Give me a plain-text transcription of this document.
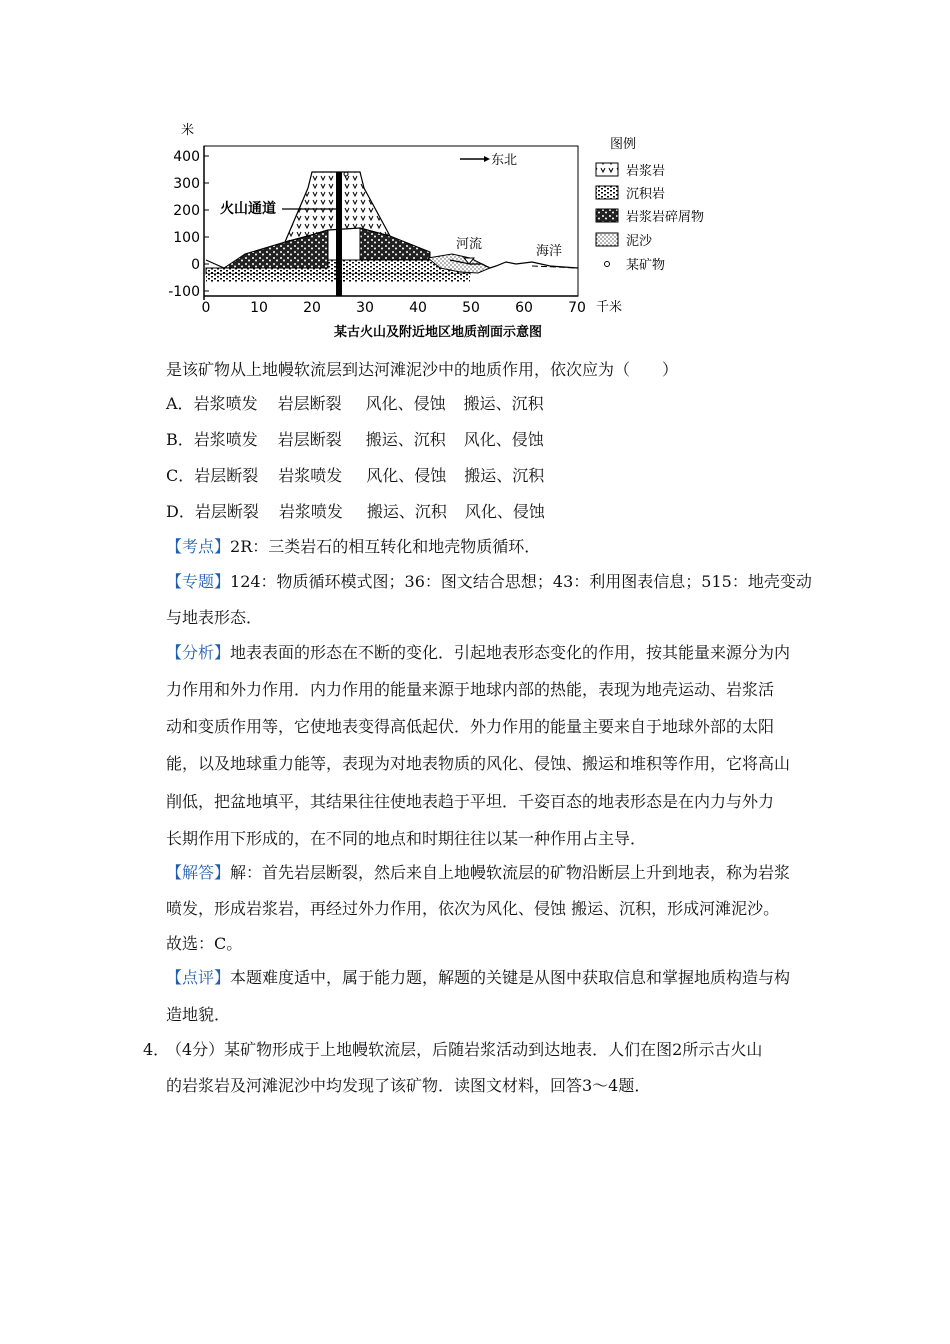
米
400
300
200
100
0
-100
0	10	20	30	40	50	60	70 千米
东北
火山通道
河流	海洋
某古火山及附近地区地质剖面示意图
图例
岩浆岩
沉积岩
岩浆岩碎屑物
泥沙
某矿物
是该矿物从上地幔软流层到达河滩泥沙中的地质作用，依次应为（　　）
A．岩浆喷发 岩层断裂 风化、侵蚀 搬运、沉积
B．岩浆喷发 岩层断裂 搬运、沉积 风化、侵蚀
C．岩层断裂 岩浆喷发 风化、侵蚀 搬运、沉积
D．岩层断裂 岩浆喷发 搬运、沉积 风化、侵蚀
【考点】2R：三类岩石的相互转化和地壳物质循环．
【专题】124：物质循环模式图；36：图文结合思想；43：利用图表信息；515：地壳变动
与地表形态．
【分析】地表表面的形态在不断的变化．引起地表形态变化的作用，按其能量来源分为内
力作用和外力作用．内力作用的能量来源于地球内部的热能，表现为地壳运动、岩浆活
动和变质作用等，它使地表变得高低起伏．外力作用的能量主要来自于地球外部的太阳
能，以及地球重力能等，表现为对地表物质的风化、侵蚀、搬运和堆积等作用，它将高山
削低，把盆地填平，其结果往往使地表趋于平坦．千姿百态的地表形态是在内力与外力
长期作用下形成的，在不同的地点和时期往往以某一种作用占主导．
【解答】解：首先岩层断裂，然后来自上地幔软流层的矿物沿断层上升到地表，称为岩浆
喷发，形成岩浆岩，再经过外力作用，依次为风化、侵蚀 搬运、沉积，形成河滩泥沙。
故选：C。
【点评】本题难度适中，属于能力题，解题的关键是从图中获取信息和掌握地质构造与构
造地貌．
4．
（4分）某矿物形成于上地幔软流层，后随岩浆活动到达地表．人们在图2所示古火山
的岩浆岩及河滩泥沙中均发现了该矿物．读图文材料，回答3～4题．
